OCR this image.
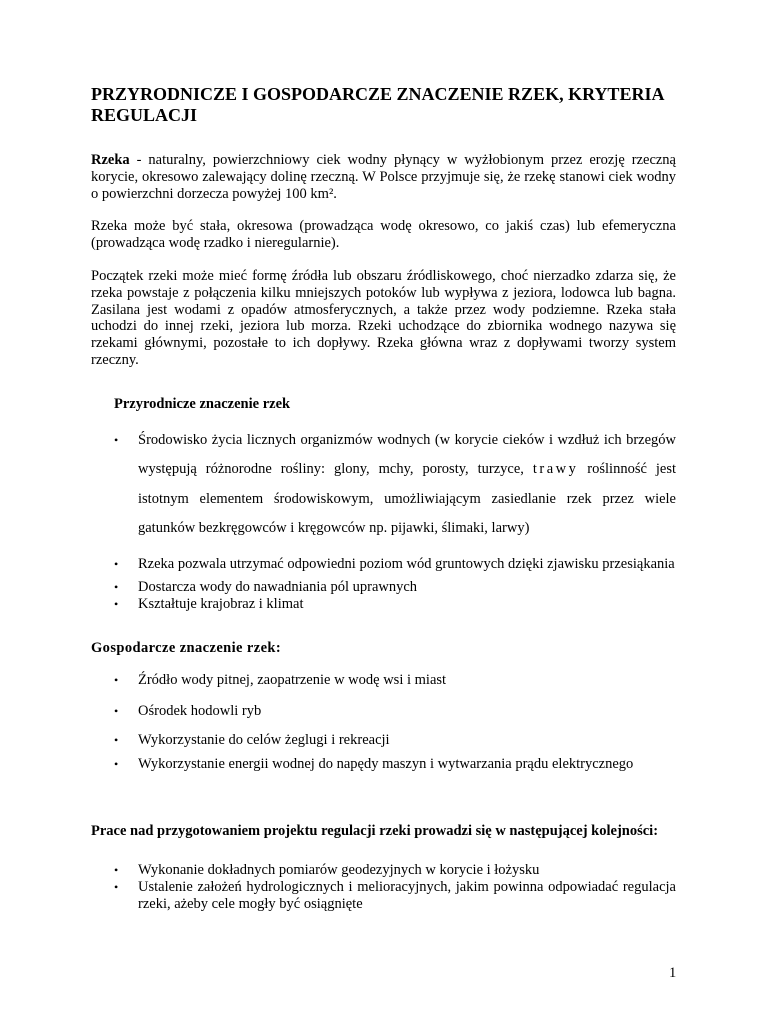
PRZYRODNICZE I GOSPODARCZE ZNACZENIE RZEK, KRYTERIA REGULACJI

Rzeka - naturalny, powierzchniowy ciek wodny płynący w wyżłobionym przez erozję rzeczną korycie, okresowo zalewający dolinę rzeczną. W Polsce przyjmuje się, że rzekę stanowi ciek wodny o powierzchni dorzecza powyżej 100 km².

Rzeka może być stała, okresowa (prowadząca wodę okresowo, co jakiś czas) lub efemeryczna (prowadząca wodę rzadko i nieregularnie).

Początek rzeki może mieć formę źródła lub obszaru źródliskowego, choć nierzadko zdarza się, że rzeka powstaje z połączenia kilku mniejszych potoków lub wypływa z jeziora, lodowca lub bagna. Zasilana jest wodami z opadów atmosferycznych, a także przez wody podziemne. Rzeka stała uchodzi do innej rzeki, jeziora lub morza. Rzeki uchodzące do zbiornika wodnego nazywa się rzekami głównymi, pozostałe to ich dopływy. Rzeka główna wraz z dopływami tworzy system rzeczny.

Przyrodnicze znaczenie rzek
• Środowisko życia licznych organizmów wodnych (w korycie cieków i wzdłuż ich brzegów występują różnorodne rośliny: glony, mchy, porosty, turzyce, trawy roślinność jest istotnym elementem środowiskowym, umożliwiającym zasiedlanie rzek przez wiele gatunków bezkręgowców i kręgowców np. pijawki, ślimaki, larwy)
• Rzeka pozwala utrzymać odpowiedni poziom wód gruntowych dzięki zjawisku przesiąkania
• Dostarcza wody do nawadniania pól uprawnych
• Kształtuje krajobraz i klimat
Gospodarcze znaczenie rzek:
• Źródło wody pitnej, zaopatrzenie w wodę wsi i miast
• Ośrodek hodowli ryb
• Wykorzystanie do celów żeglugi i rekreacji
• Wykorzystanie energii wodnej do napędy maszyn i wytwarzania prądu elektrycznego
Prace nad przygotowaniem projektu regulacji rzeki prowadzi się w następującej kolejności:
• Wykonanie dokładnych pomiarów geodezyjnych w korycie i łożysku
• Ustalenie założeń hydrologicznych i melioracyjnych, jakim powinna odpowiadać regulacja rzeki, ażeby cele mogły być osiągnięte
1
